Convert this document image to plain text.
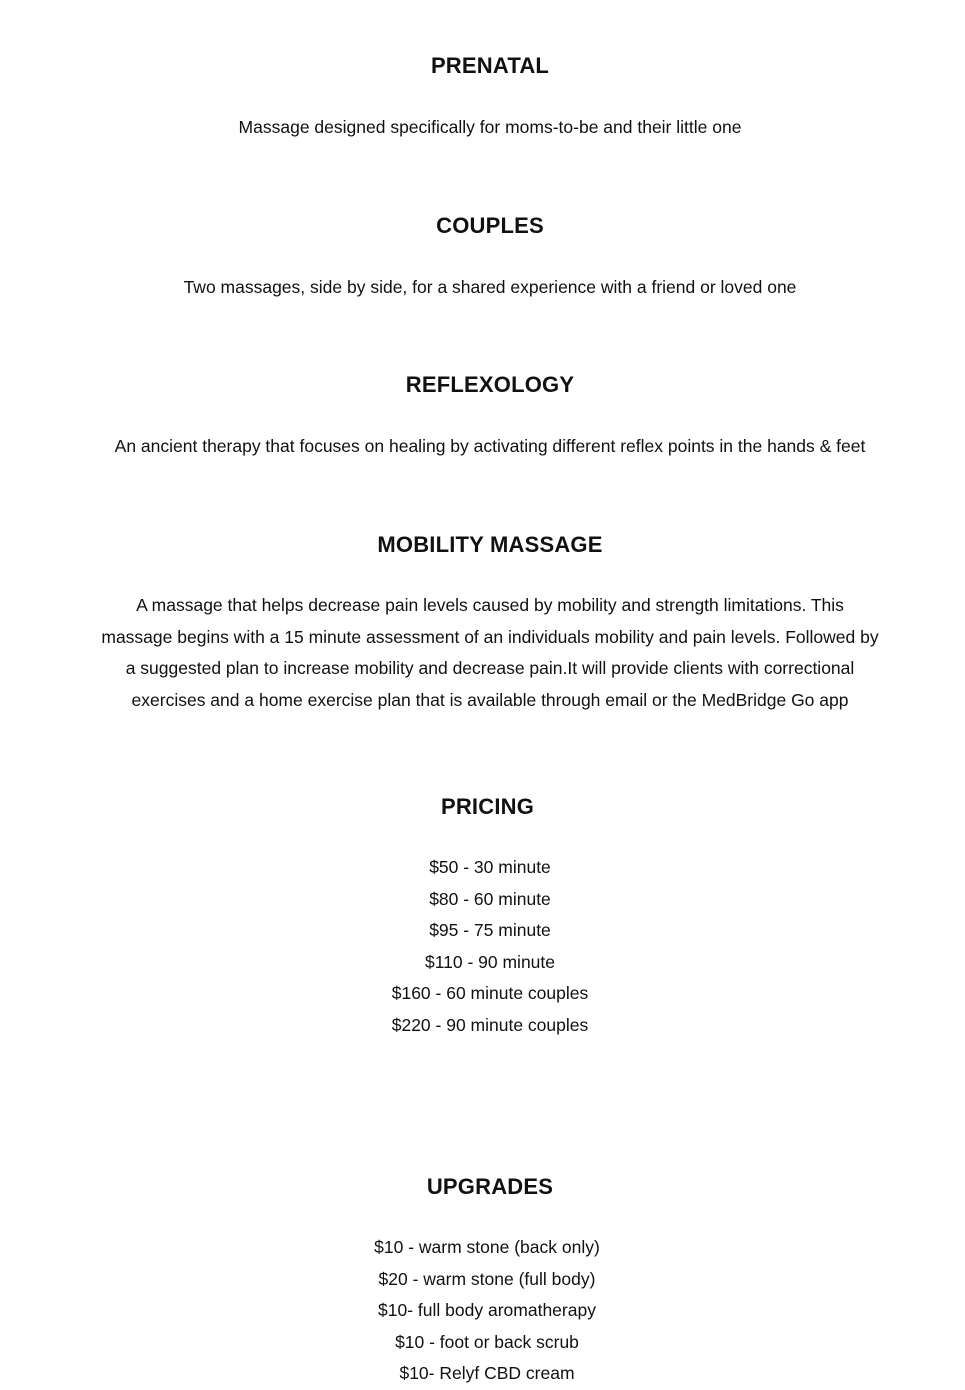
PRENATAL

Massage designed specifically for moms-to-be and their little one

COUPLES

Two massages, side by side, for a shared experience with a friend or loved one

REFLEXOLOGY

An ancient therapy that focuses on healing by activating different reflex points in the hands & feet

MOBILITY MASSAGE

A massage that helps decrease pain levels caused by mobility and strength limitations. This massage begins with a 15 minute assessment of an individuals mobility and pain levels. Followed by a suggested plan to increase mobility and decrease pain.It will provide clients with correctional exercises and a home exercise plan that is available through email or the MedBridge Go app

PRICING
$50 - 30 minute
$80 - 60 minute
$95 - 75 minute
$110 - 90 minute
$160 - 60 minute couples
$220 - 90 minute couples
UPGRADES
$10 - warm stone (back only)
$20 - warm stone (full body)
$10- full body aromatherapy
$10 - foot or back scrub
$10- Relyf CBD cream
